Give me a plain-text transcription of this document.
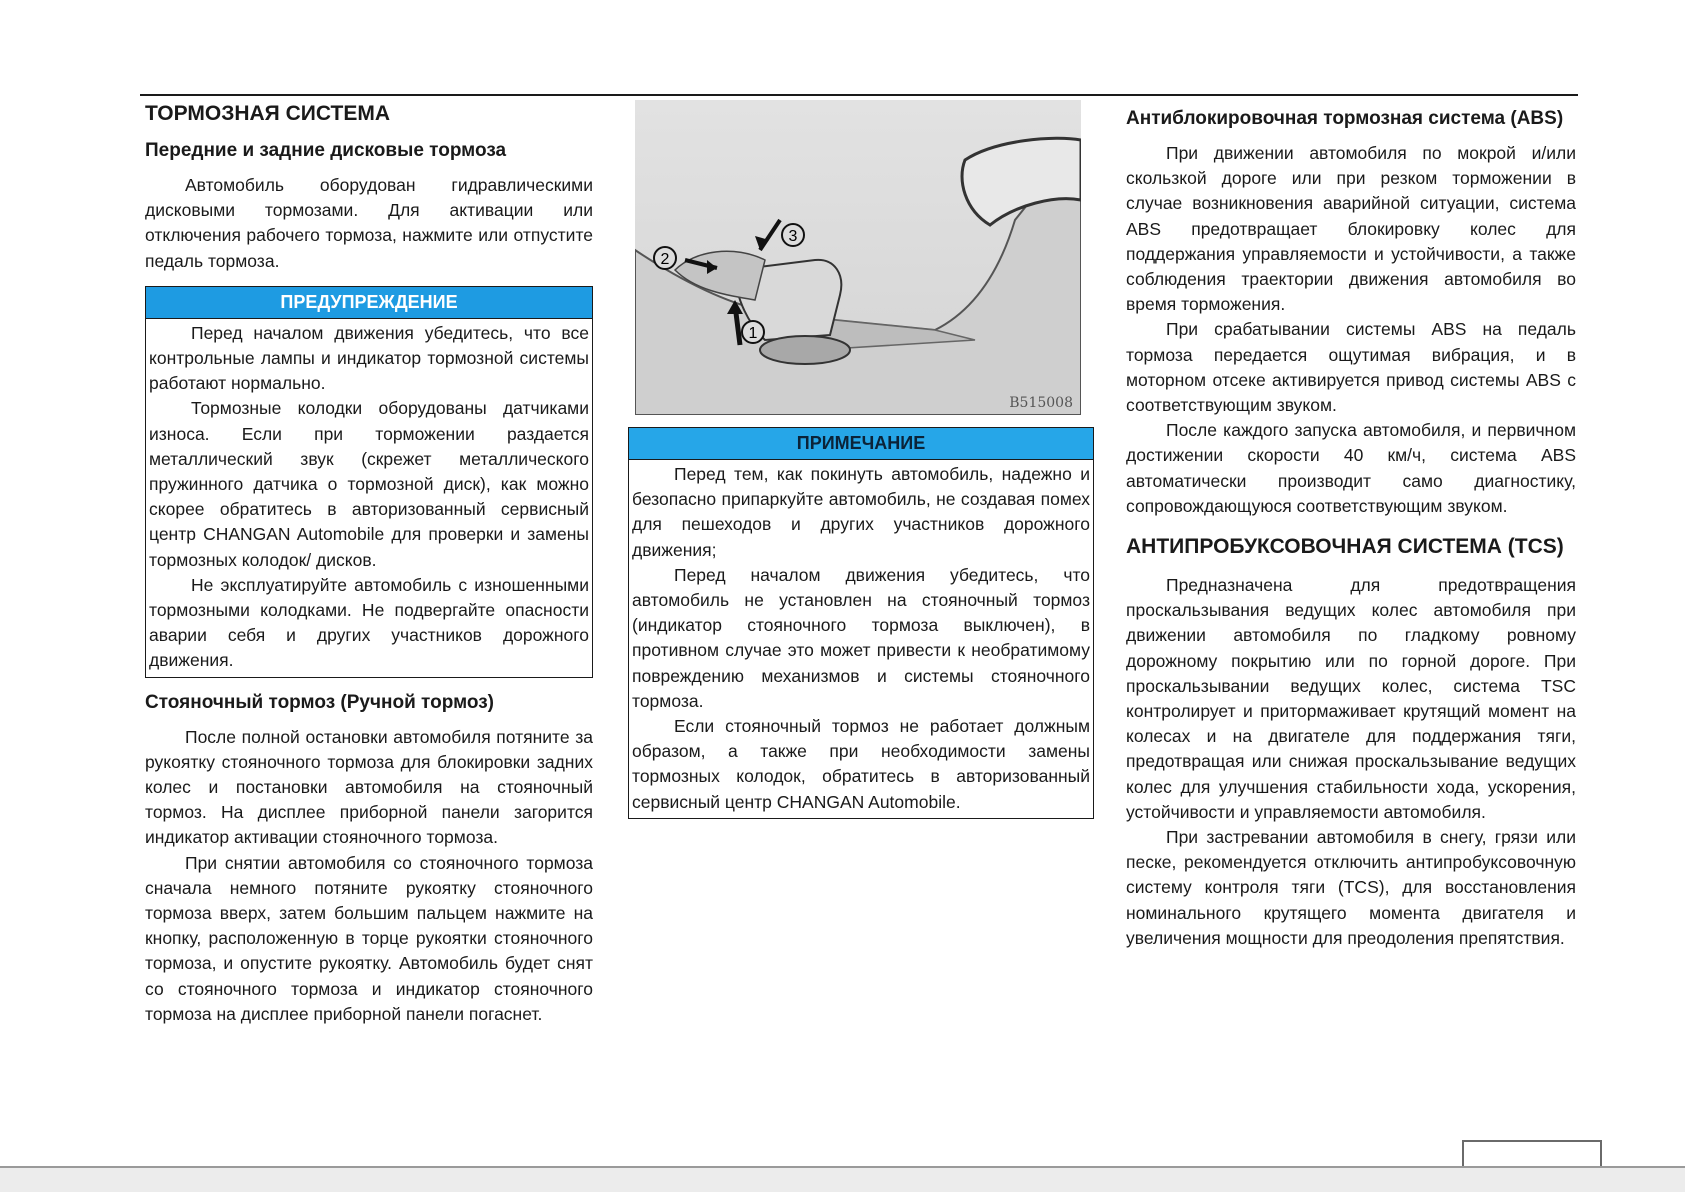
ТОРМОЗНАЯ СИСТЕМА
Передние и задние дисковые тормоза

Автомобиль оборудован гидравлическими дисковыми тормозами. Для активации или отключения рабочего тормоза, нажмите или отпустите педаль тормоза.

ПРЕДУПРЕЖДЕНИЕ

Перед началом движения убедитесь, что все контрольные лампы и индикатор тормозной системы работают нормально.

Тормозные колодки оборудованы датчиками износа. Если при торможении раздается металлический звук (скрежет металлического пружинного датчика о тормозной диск), как можно скорее обратитесь в авторизованный сервисный центр CHANGAN Automobile для проверки и замены тормозных колодок/ дисков.

Не эксплуатируйте автомобиль с изношенными тормозными колодками. Не подвергайте опасности аварии себя и других участников дорожного движения.

Стояночный тормоз (Ручной тормоз)

После полной остановки автомобиля потяните за рукоятку стояночного тормоза для блокировки задних колес и постановки автомобиля на стояночный тормоз. На дисплее приборной панели загорится индикатор активации стояночного тормоза.

При снятии автомобиля со стояночного тормоза сначала немного потяните рукоятку стояночного тормоза вверх, затем большим пальцем нажмите на кнопку, расположенную в торце рукоятки стояночного тормоза, и опустите рукоятку. Автомобиль будет снят со стояночного тормоза и индикатор стояночного тормоза на дисплее приборной панели погаснет.

3
2
1
B515008
ПРИМЕЧАНИЕ

Перед тем, как покинуть автомобиль, надежно и безопасно припаркуйте автомобиль, не создавая помех для пешеходов и других участников дорожного движения;

Перед началом движения убедитесь, что автомобиль не установлен на стояночный тормоз (индикатор стояночного тормоза выключен), в противном случае это может привести к необратимому повреждению механизмов и системы стояночного тормоза.

Если стояночный тормоз не работает должным образом, а также при необходимости замены тормозных колодок, обратитесь в авторизованный сервисный центр CHANGAN Automobile.

Антиблокировочная тормозная система (ABS)

При движении автомобиля по мокрой и/или скользкой дороге или при резком торможении в случае возникновения аварийной ситуации, система ABS предотвращает блокировку колес для поддержания управляемости и устойчивости, а также соблюдения траектории движения автомобиля во время торможения.

При срабатывании системы ABS на педаль тормоза передается ощутимая вибрация, и в моторном отсеке активируется привод системы ABS с соответствующим звуком.

После каждого запуска автомобиля, и первичном достижении скорости 40 км/ч, система ABS автоматически производит само диагностику, сопровождающуюся соответствующим звуком.

АНТИПРОБУКСОВОЧНАЯ СИСТЕМА (TCS)

Предназначена для предотвращения проскальзывания ведущих колес автомобиля при движении автомобиля по гладкому ровному дорожному покрытию или по горной дороге. При проскальзывании ведущих колес, система TSC контролирует и притормаживает крутящий момент на колесах и на двигателе для поддержания тяги, предотвращая или снижая проскальзывание ведущих колес для улучшения стабильности хода, ускорения, устойчивости и управляемости автомобиля.

При застревании автомобиля в снегу, грязи или песке, рекомендуется отключить антипробуксовочную систему контроля тяги (TCS), для восстановления номинального крутящего момента двигателя и увеличения мощности для преодоления препятствия.
